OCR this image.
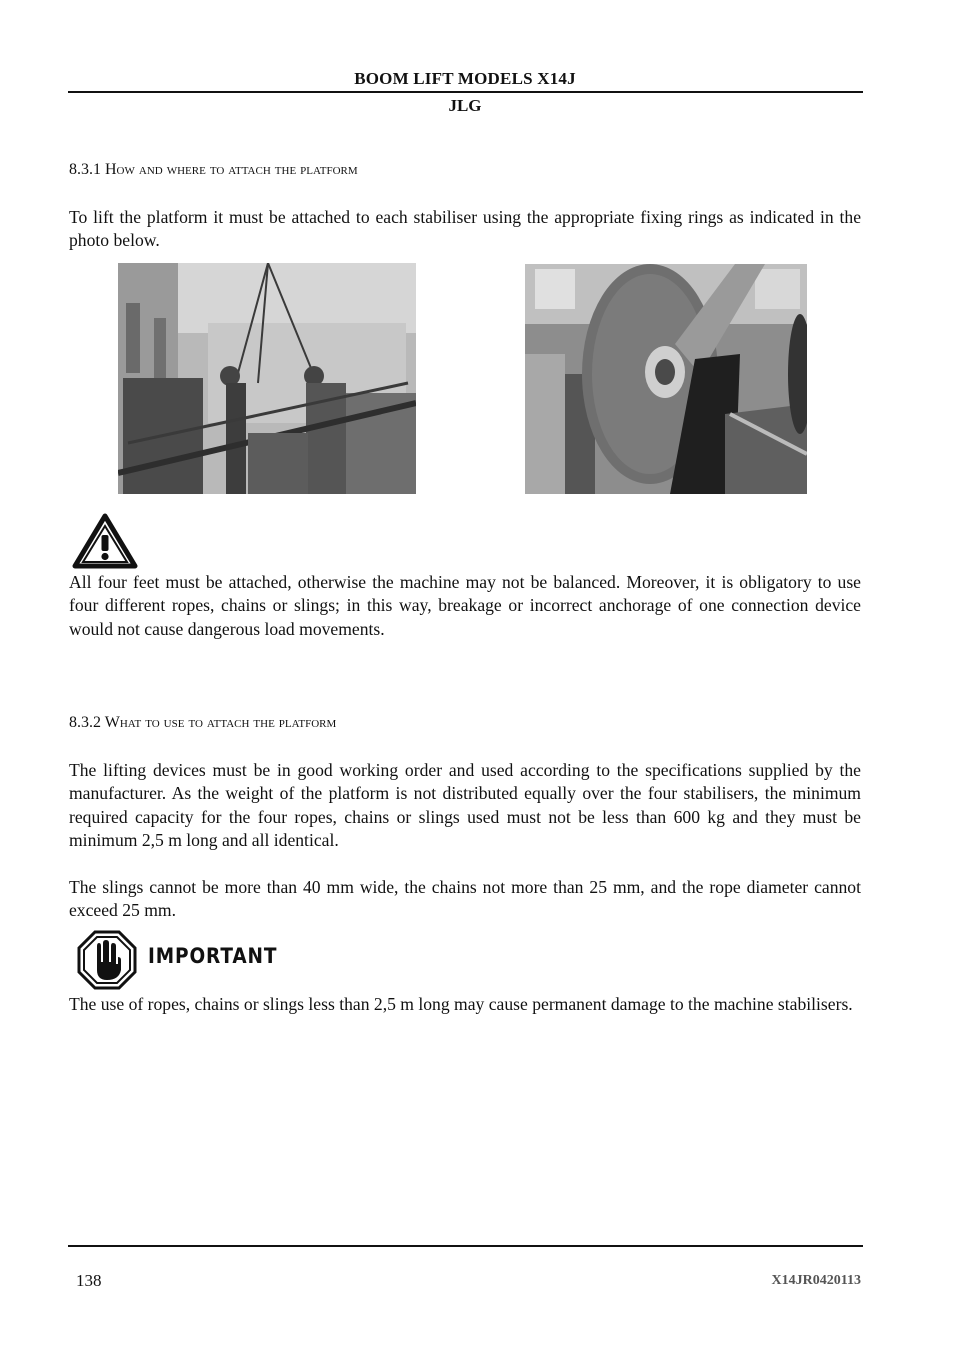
BOOM LIFT MODELS X14J
JLG
8.3.1 How and where to attach the platform

To lift the platform it must be attached to each stabiliser using the appropriate fixing rings as indicated in the photo below.

All four feet must be attached, otherwise the machine may not be balanced. Moreover, it is obligatory to use four different ropes, chains or slings; in this way, breakage or incorrect anchorage of one connection device would not cause dangerous load movements.

8.3.2 What to use to attach the platform

The lifting devices must be in good working order and used according to the specifications supplied by the manufacturer. As the weight of the platform is not distributed equally over the four stabilisers, the minimum required capacity for the four ropes, chains or slings used must not be less than 600 kg and they must be minimum 2,5 m long and all identical.

The slings cannot be more than 40 mm wide, the chains not more than 25 mm, and the rope diameter cannot exceed 25 mm.

IMPORTANT

The use of ropes, chains or slings less than 2,5 m long may cause permanent damage to the machine stabilisers.

138	X14JR0420113
